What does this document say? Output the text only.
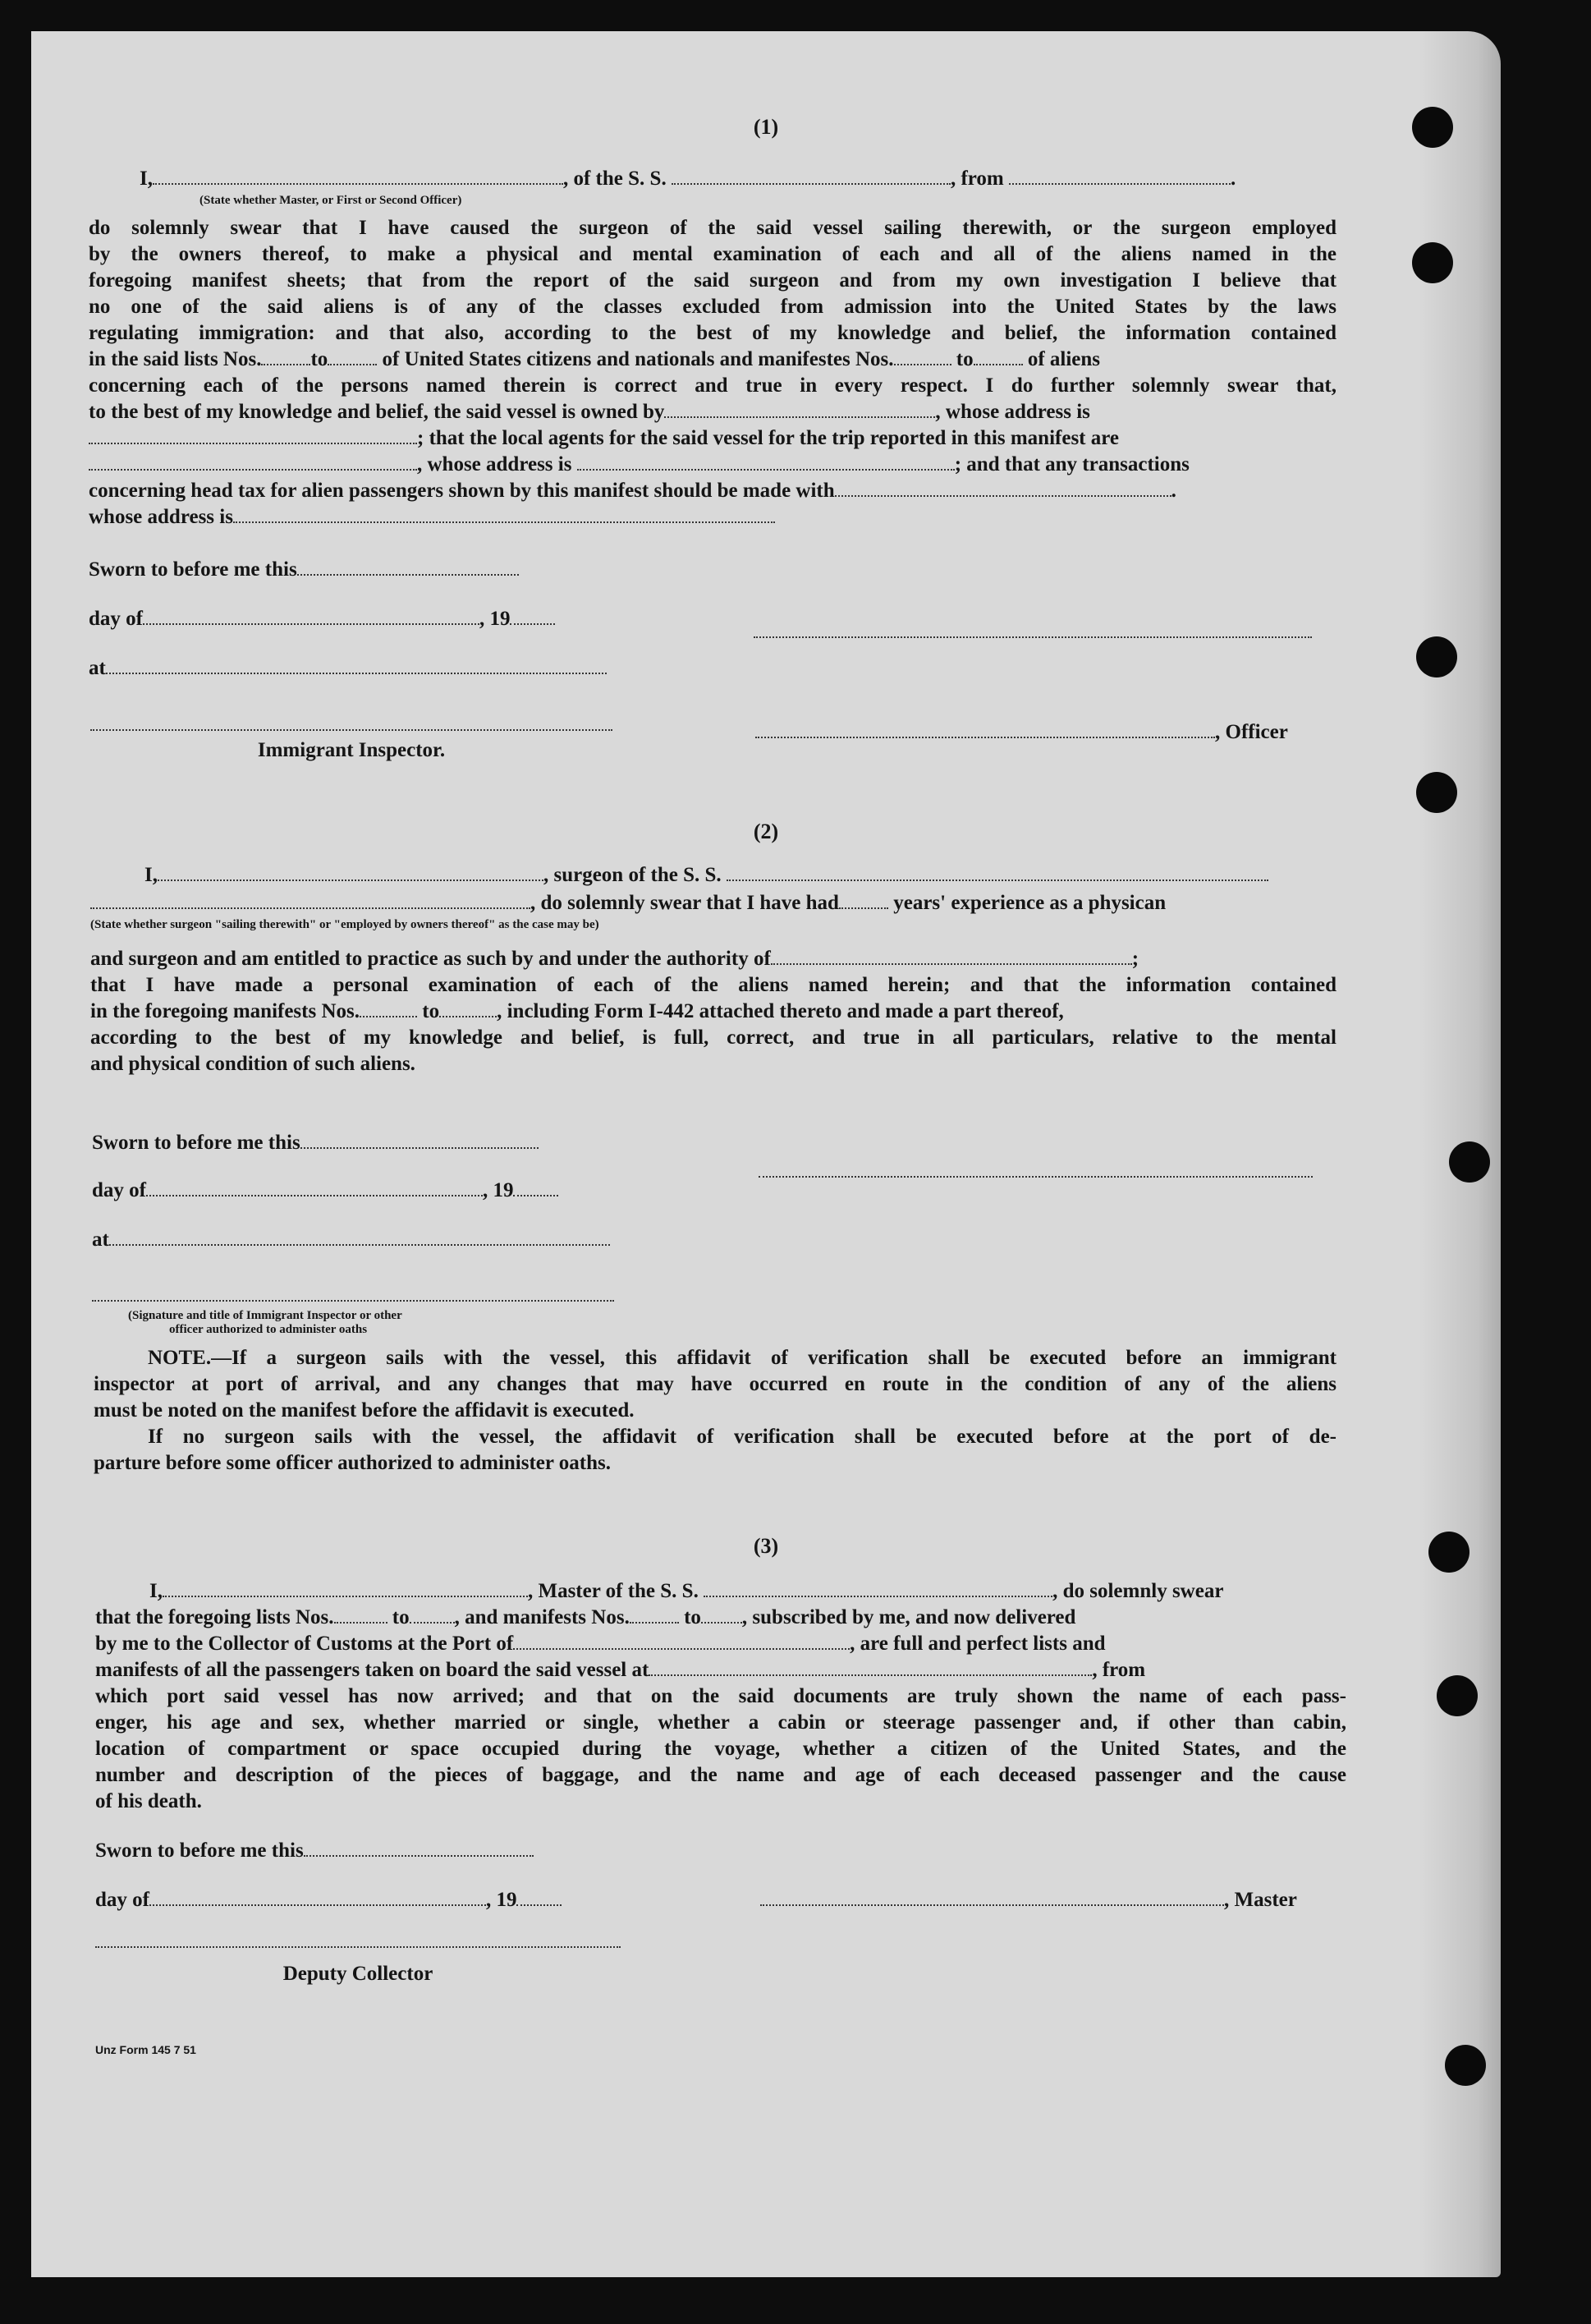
(1)
I,	, of the S. S.	, from	.
(State whether Master, or First or Second Officer)
do solemnly swear that I have caused the surgeon of the said vessel sailing therewith, or the surgeon employed
by the owners thereof, to make a physical and mental examination of each and all of the aliens named in the
foregoing manifest sheets; that from the report of the said surgeon and from my own investigation I believe that
no one of the said aliens is of any of the classes excluded from admission into the United States by the laws
regulating immigration: and that also, according to the best of my knowledge and belief, the information contained
in the said lists Nos. to	of United States citizens and nationals and manifestes Nos.	to	of aliens
concerning each of the persons named therein is correct and true in every respect. I do further solemnly swear that,
to the best of my knowledge and belief, the said vessel is owned by	, whose address is
; that the local agents for the said vessel for the trip reported in this manifest are
, whose address is	; and that any transactions
concerning head tax for alien passengers shown by this manifest should be made with	.
whose address is
Sworn to before me this
day of	, 19
at
, Officer
Immigrant Inspector.
(2)
I,	, surgeon of the S. S.
, do solemnly swear that I have had	years' experience as a physican
(State whether surgeon "sailing therewith" or "employed by owners thereof" as the case may be)
and surgeon and am entitled to practice as such by and under the authority of	;
that I have made a personal examination of each of the aliens named herein; and that the information contained
in the foregoing manifests Nos.	to	, including Form I-442 attached thereto and made a part thereof,
according to the best of my knowledge and belief, is full, correct, and true in all particulars, relative to the mental
and physical condition of such aliens.
Sworn to before me this
day of	, 19
at
(Signature and title of Immigrant Inspector or other
officer authorized to administer oaths
NOTE.—If a surgeon sails with the vessel, this affidavit of verification shall be executed before an immigrant
inspector at port of arrival, and any changes that may have occurred en route in the condition of any of the aliens
must be noted on the manifest before the affidavit is executed.
If no surgeon sails with the vessel, the affidavit of verification shall be executed before at the port of de-
parture before some officer authorized to administer oaths.
(3)
I,	, Master of the S. S.	, do solemnly swear
that the foregoing lists Nos.	to , and manifests Nos.	to , subscribed by me, and now delivered
by me to the Collector of Customs at the Port of	, are full and perfect lists and
manifests of all the passengers taken on board the said vessel at	, from
which port said vessel has now arrived; and that on the said documents are truly shown the name of each pass-
enger, his age and sex, whether married or single, whether a cabin or steerage passenger and, if other than cabin,
location of compartment or space occupied during the voyage, whether a citizen of the United States, and the
number and description of the pieces of baggage, and the name and age of each deceased passenger and the cause
of his death.
Sworn to before me this
day of	, 19	, Master
Deputy Collector
Unz Form 145 7 51
